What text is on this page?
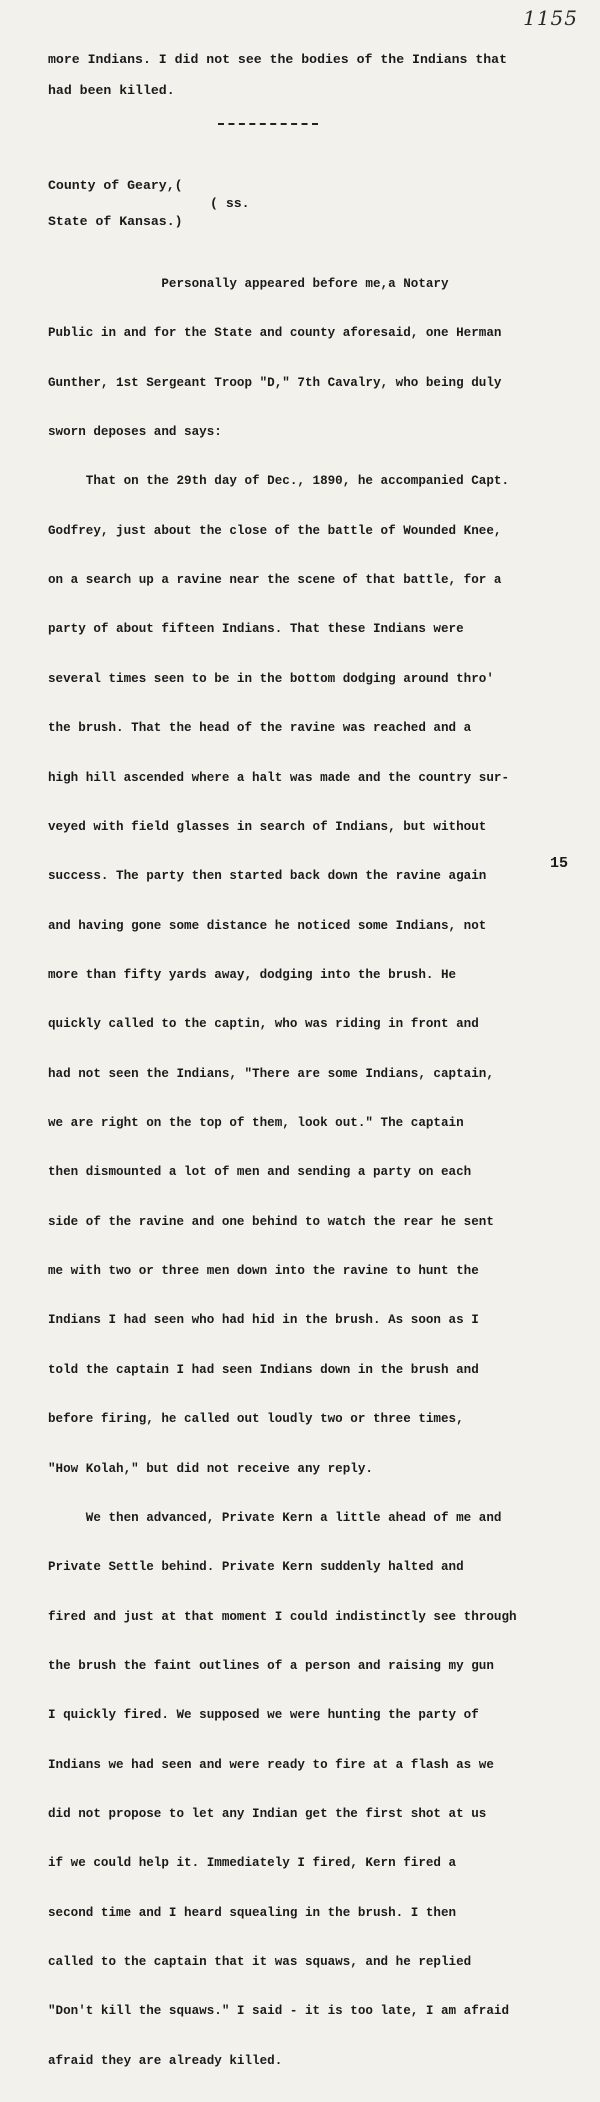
1155
more Indians. I did not see the bodies of the Indians that
had been killed.
County of Geary,(
( ss.
State of Kansas.)

Personally appeared before me,a Notary

Public in and for the State and county aforesaid, one Herman

Gunther, 1st Sergeant Troop "D," 7th Cavalry, who being duly

sworn deposes and says:

That on the 29th day of Dec., 1890, he accompanied Capt.

Godfrey, just about the close of the battle of Wounded Knee,

on a search up a ravine near the scene of that battle, for a

party of about fifteen Indians. That these Indians were

several times seen to be in the bottom dodging around thro'

the brush. That the head of the ravine was reached and a

high hill ascended where a halt was made and the country sur-

veyed with field glasses in search of Indians, but without

success. The party then started back down the ravine again

and having gone some distance he noticed some Indians, not

more than fifty yards away, dodging into the brush. He

quickly called to the captin, who was riding in front and

had not seen the Indians, "There are some Indians, captain,

we are right on the top of them, look out." The captain

then dismounted a lot of men and sending a party on each

side of the ravine and one behind to watch the rear he sent

me with two or three men down into the ravine to hunt the

Indians I had seen who had hid in the brush. As soon as I

told the captain I had seen Indians down in the brush and

before firing, he called out loudly two or three times,

"How Kolah," but did not receive any reply.

We then advanced, Private Kern a little ahead of me and

Private Settle behind. Private Kern suddenly halted and

fired and just at that moment I could indistinctly see through

the brush the faint outlines of a person and raising my gun

I quickly fired. We supposed we were hunting the party of

Indians we had seen and were ready to fire at a flash as we

did not propose to let any Indian get the first shot at us

if we could help it. Immediately I fired, Kern fired a

second time and I heard squealing in the brush. I then

called to the captain that it was squaws, and he replied

"Don't kill the squaws." I said - it is too late, I am afraid

afraid they are already killed.

15
